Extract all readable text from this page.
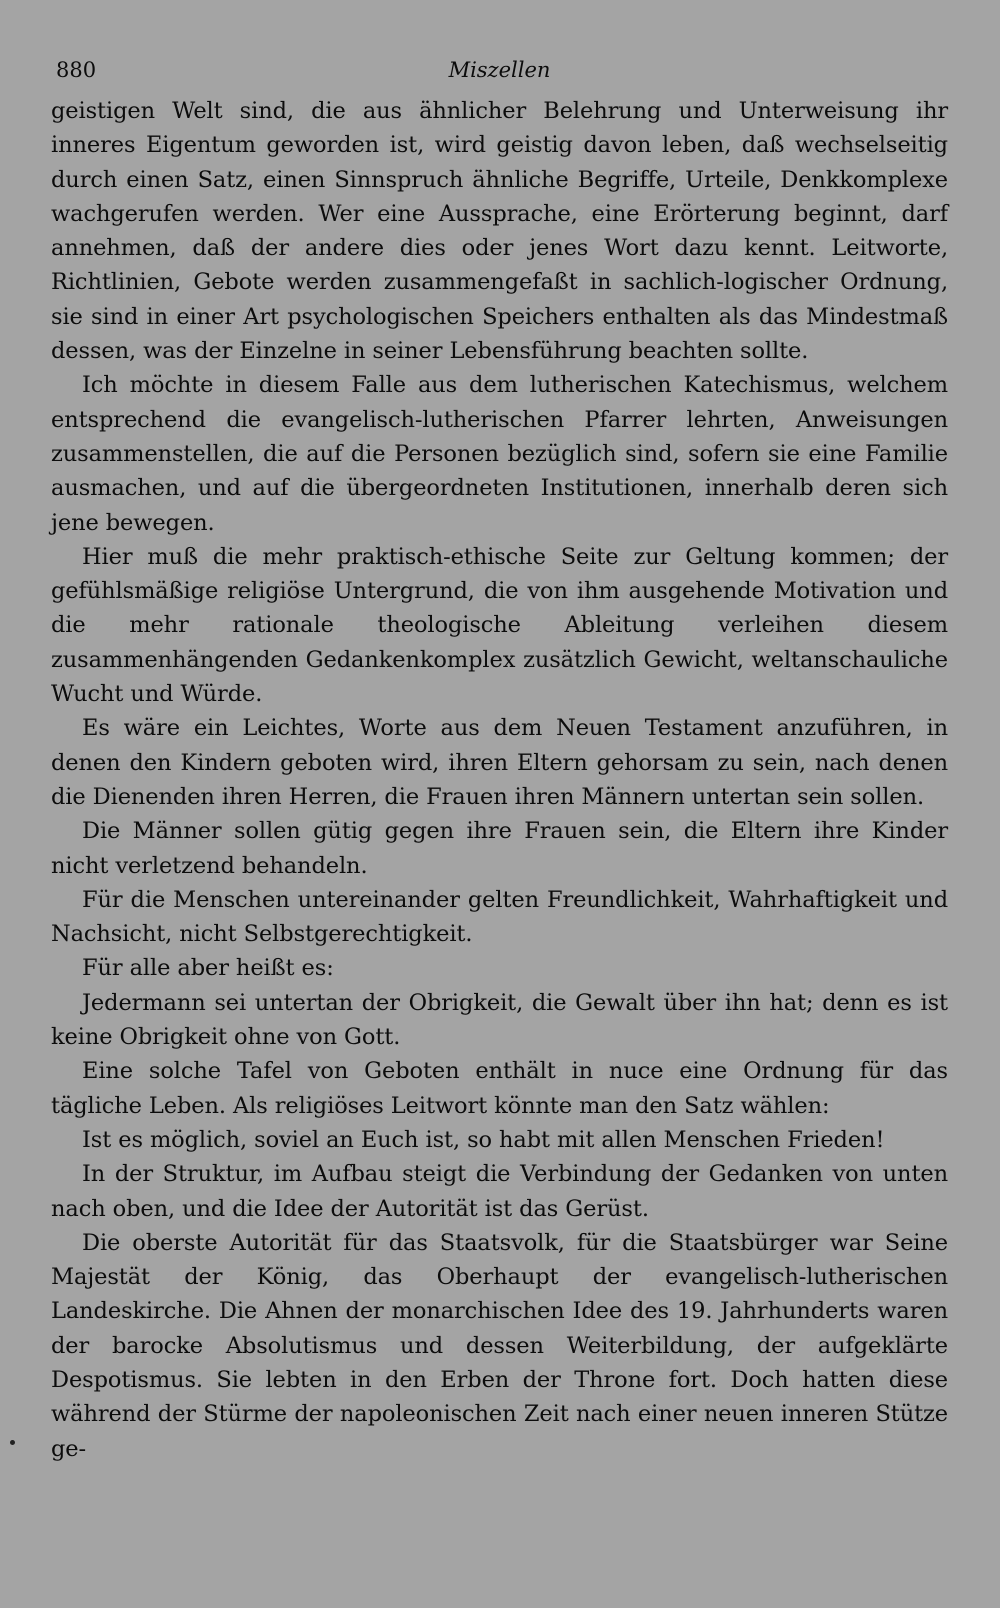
880	Miszellen

geistigen Welt sind, die aus ähnlicher Belehrung und Unterweisung ihr inneres Eigentum geworden ist, wird geistig davon leben, daß wechselseitig durch einen Satz, einen Sinnspruch ähnliche Begriffe, Urteile, Denkkomplexe wachgerufen werden. Wer eine Aussprache, eine Erörterung beginnt, darf annehmen, daß der andere dies oder jenes Wort dazu kennt. Leitworte, Richtlinien, Gebote werden zusammengefaßt in sachlich-logischer Ordnung, sie sind in einer Art psychologischen Speichers enthalten als das Mindestmaß dessen, was der Einzelne in seiner Lebensführung beachten sollte.

Ich möchte in diesem Falle aus dem lutherischen Katechismus, welchem entsprechend die evangelisch-lutherischen Pfarrer lehrten, Anweisungen zusammenstellen, die auf die Personen bezüglich sind, sofern sie eine Familie ausmachen, und auf die übergeordneten Institutionen, innerhalb deren sich jene bewegen.

Hier muß die mehr praktisch-ethische Seite zur Geltung kommen; der gefühlsmäßige religiöse Untergrund, die von ihm ausgehende Motivation und die mehr rationale theologische Ableitung verleihen diesem zusammenhängenden Gedankenkomplex zusätzlich Gewicht, weltanschauliche Wucht und Würde.

Es wäre ein Leichtes, Worte aus dem Neuen Testament anzuführen, in denen den Kindern geboten wird, ihren Eltern gehorsam zu sein, nach denen die Dienenden ihren Herren, die Frauen ihren Männern untertan sein sollen.

Die Männer sollen gütig gegen ihre Frauen sein, die Eltern ihre Kinder nicht verletzend behandeln.

Für die Menschen untereinander gelten Freundlichkeit, Wahrhaftigkeit und Nachsicht, nicht Selbstgerechtigkeit.

Für alle aber heißt es:

Jedermann sei untertan der Obrigkeit, die Gewalt über ihn hat; denn es ist keine Obrigkeit ohne von Gott.

Eine solche Tafel von Geboten enthält in nuce eine Ordnung für das tägliche Leben. Als religiöses Leitwort könnte man den Satz wählen:

Ist es möglich, soviel an Euch ist, so habt mit allen Menschen Frieden!

In der Struktur, im Aufbau steigt die Verbindung der Gedanken von unten nach oben, und die Idee der Autorität ist das Gerüst.

Die oberste Autorität für das Staatsvolk, für die Staatsbürger war Seine Majestät der König, das Oberhaupt der evangelisch-lutherischen Landeskirche. Die Ahnen der monarchischen Idee des 19. Jahrhunderts waren der barocke Absolutismus und dessen Weiterbildung, der aufgeklärte Despotismus. Sie lebten in den Erben der Throne fort. Doch hatten diese während der Stürme der napoleonischen Zeit nach einer neuen inneren Stütze ge-
